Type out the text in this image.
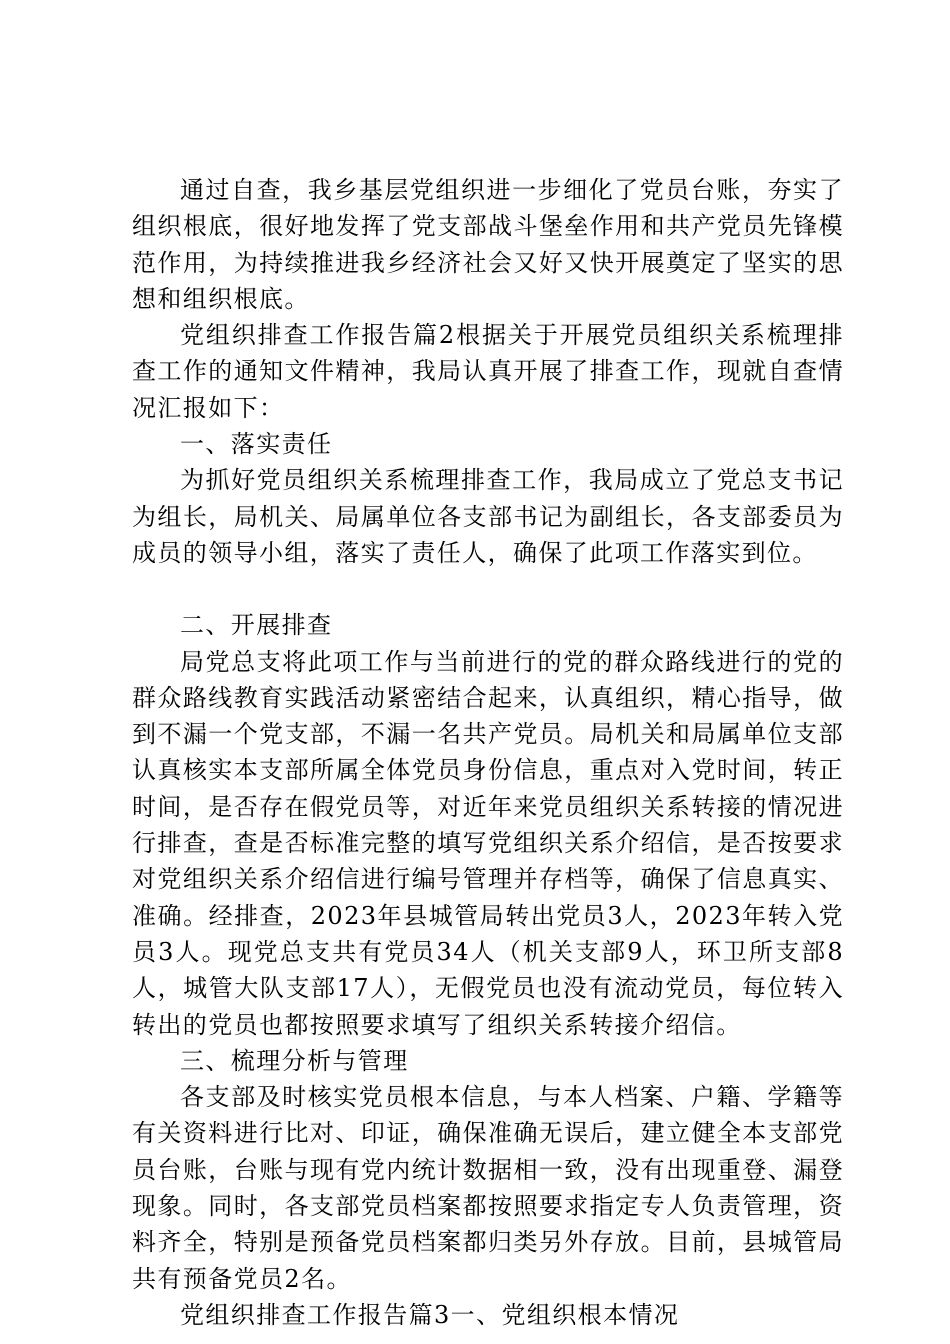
通过自查，我乡基层党组织进一步细化了党员台账，夯实了组织根底，很好地发挥了党支部战斗堡垒作用和共产党员先锋模范作用，为持续推进我乡经济社会又好又快开展奠定了坚实的思想和组织根底。

党组织排查工作报告篇2根据关于开展党员组织关系梳理排查工作的通知文件精神，我局认真开展了排查工作，现就自查情况汇报如下：

一、落实责任

为抓好党员组织关系梳理排查工作，我局成立了党总支书记为组长，局机关、局属单位各支部书记为副组长，各支部委员为成员的领导小组，落实了责任人，确保了此项工作落实到位。

二、开展排查

局党总支将此项工作与当前进行的党的群众路线进行的党的群众路线教育实践活动紧密结合起来，认真组织，精心指导，做到不漏一个党支部，不漏一名共产党员。局机关和局属单位支部认真核实本支部所属全体党员身份信息，重点对入党时间，转正时间，是否存在假党员等，对近年来党员组织关系转接的情况进行排查，查是否标准完整的填写党组织关系介绍信，是否按要求对党组织关系介绍信进行编号管理并存档等，确保了信息真实、准确。经排查，2023年县城管局转出党员3人，2023年转入党员3人。现党总支共有党员34人（机关支部9人，环卫所支部8人，城管大队支部17人），无假党员也没有流动党员，每位转入转出的党员也都按照要求填写了组织关系转接介绍信。

三、梳理分析与管理

各支部及时核实党员根本信息，与本人档案、户籍、学籍等有关资料进行比对、印证，确保准确无误后，建立健全本支部党员台账，台账与现有党内统计数据相一致，没有出现重登、漏登现象。同时，各支部党员档案都按照要求指定专人负责管理，资料齐全，特别是预备党员档案都归类另外存放。目前，县城管局共有预备党员2名。

党组织排查工作报告篇3一、党组织根本情况
